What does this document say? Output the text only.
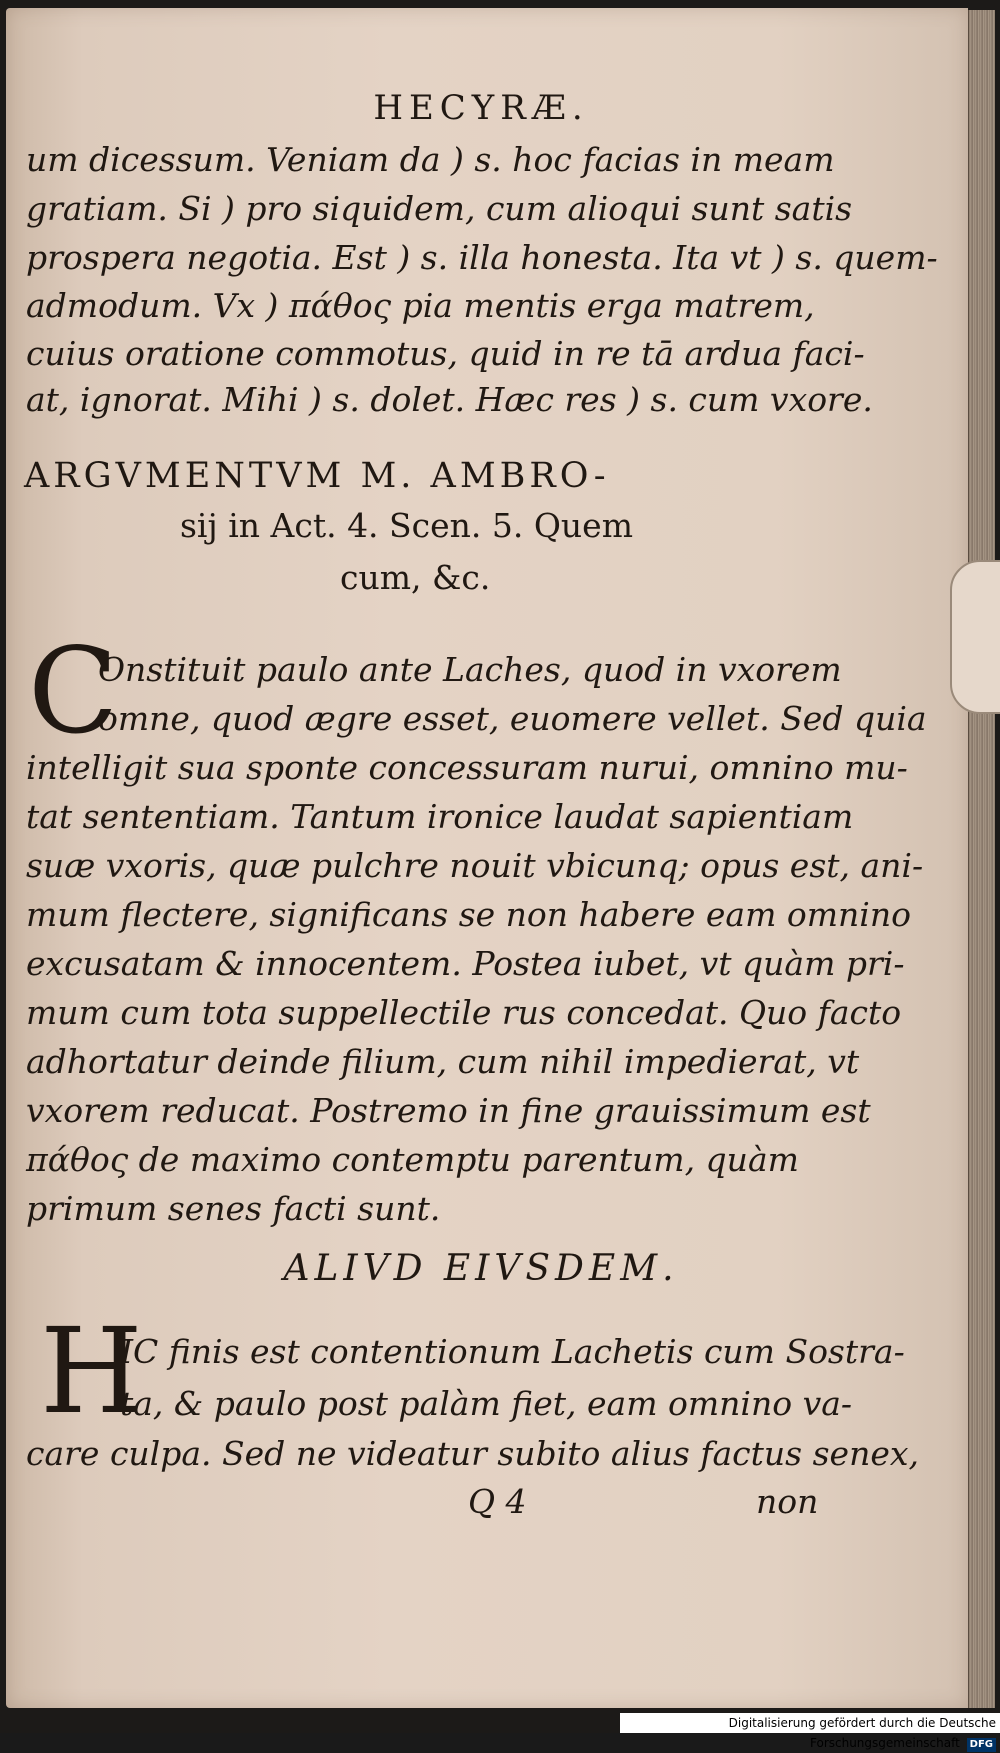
HECYRÆ.
um dicessum. Veniam da ) s. hoc facias in meam
gratiam. Si ) pro siquidem, cum alioqui sunt satis
prospera negotia. Est ) s. illa honesta. Ita vt ) s. quem-
admodum. Vx ) πάθος pia mentis erga matrem,
cuius oratione commotus, quid in re tā ardua faci-
at, ignorat. Mihi ) s. dolet. Hæc res ) s. cum vxore.
ARGVMENTVM M. AMBRO-
sij in Act. 4. Scen. 5. Quem
cum, &c.
C
Onstituit paulo ante Laches, quod in vxorem
omne, quod ægre esset, euomere vellet. Sed quia
intelligit sua sponte concessuram nurui, omnino mu-
tat sententiam. Tantum ironice laudat sapientiam
suæ vxoris, quæ pulchre nouit vbicunq; opus est, ani-
mum flectere, significans se non habere eam omnino
excusatam & innocentem. Postea iubet, vt quàm pri-
mum cum tota suppellectile rus concedat. Quo facto
adhortatur deinde filium, cum nihil impedierat, vt
vxorem reducat. Postremo in fine grauissimum est
πάθος de maximo contemptu parentum, quàm
primum senes facti sunt.
ALIVD EIVSDEM.
H
IC finis est contentionum Lachetis cum Sostra-
ta, & paulo post palàm fiet, eam omnino va-
care culpa. Sed ne videatur subito alius factus senex,
Q 4	non
Digitalisierung gefördert durch die Deutsche Forschungsgemeinschaft DFG
